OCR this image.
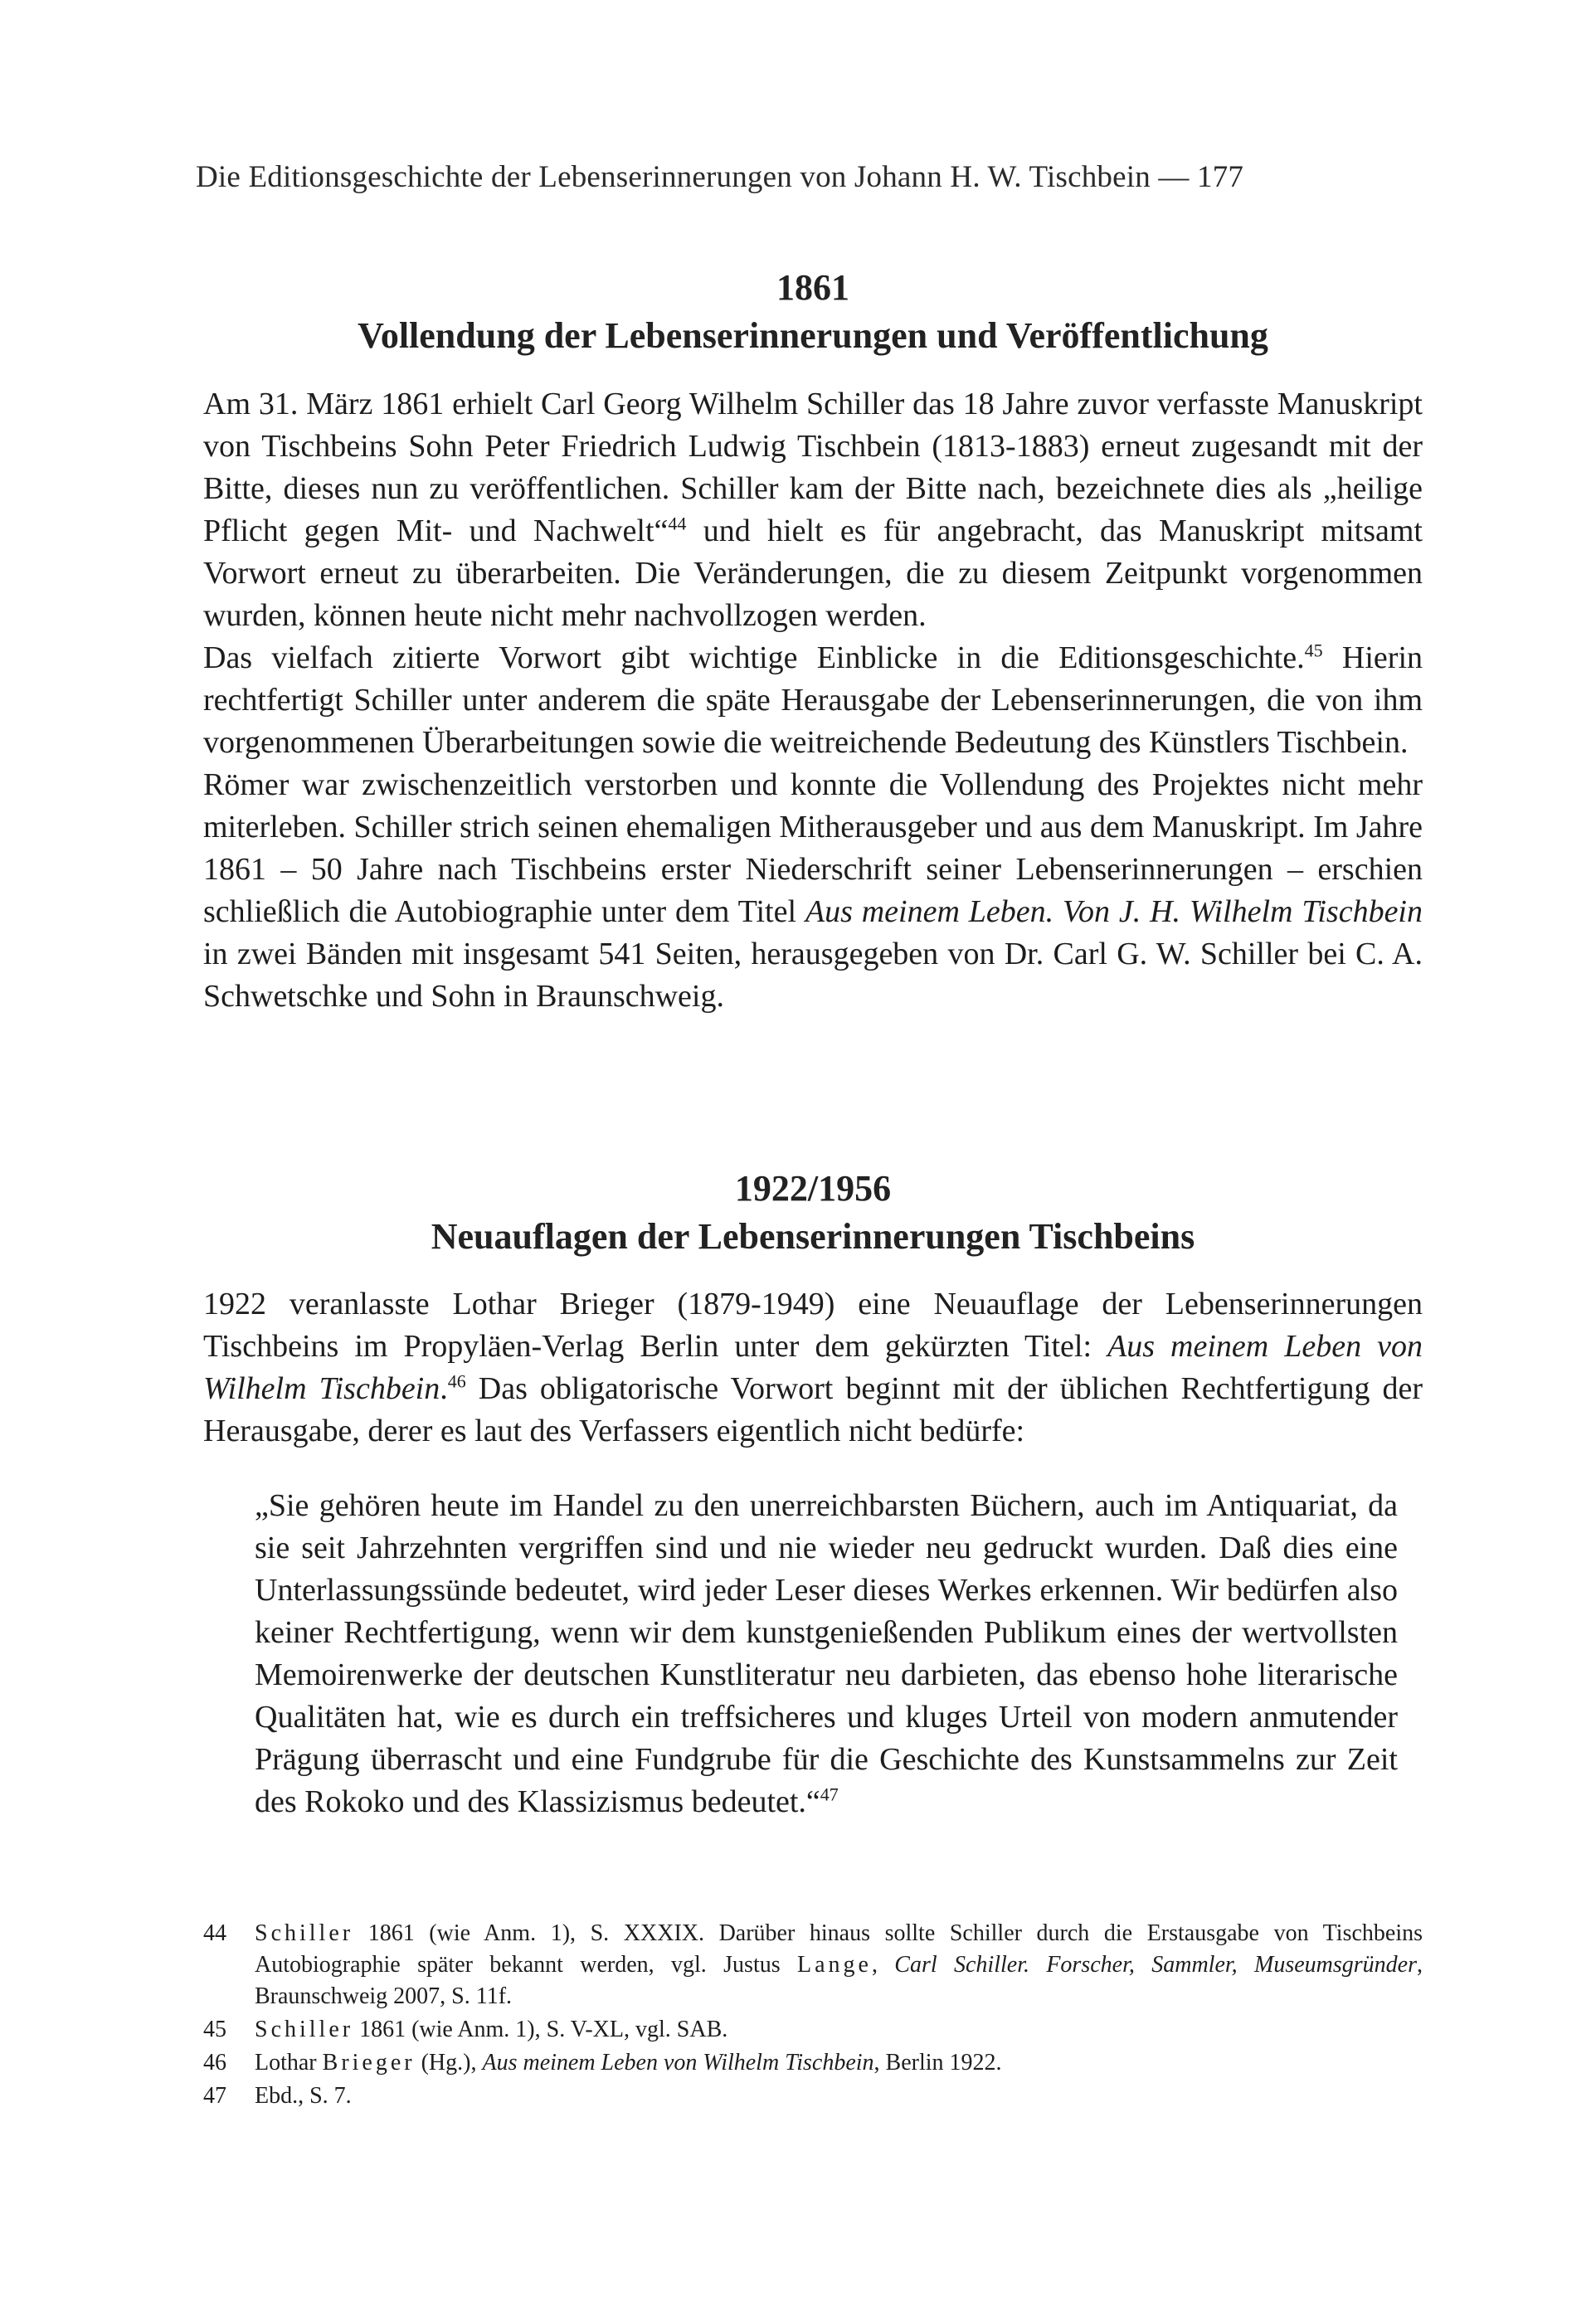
Die Editionsgeschichte der Lebenserinnerungen von Johann H. W. Tischbein — 177
1861
Vollendung der Lebenserinnerungen und Veröffentlichung

Am 31. März 1861 erhielt Carl Georg Wilhelm Schiller das 18 Jahre zuvor verfasste Manuskript von Tischbeins Sohn Peter Friedrich Ludwig Tischbein (1813-1883) erneut zugesandt mit der Bitte, dieses nun zu veröffentlichen. Schiller kam der Bitte nach, bezeichnete dies als „heilige Pflicht gegen Mit- und Nachwelt“$^{44}$ und hielt es für angebracht, das Manuskript mitsamt Vorwort erneut zu überarbeiten. Die Veränderungen, die zu diesem Zeitpunkt vorgenommen wurden, können heute nicht mehr nachvollzogen werden.

Das vielfach zitierte Vorwort gibt wichtige Einblicke in die Editionsgeschichte.$^{45}$ Hierin rechtfertigt Schiller unter anderem die späte Herausgabe der Lebenserinnerungen, die von ihm vorgenommenen Überarbeitungen sowie die weitreichende Bedeutung des Künstlers Tischbein.

Römer war zwischenzeitlich verstorben und konnte die Vollendung des Projektes nicht mehr miterleben. Schiller strich seinen ehemaligen Mitherausgeber und aus dem Manuskript. Im Jahre 1861 – 50 Jahre nach Tischbeins erster Niederschrift seiner Lebenserinnerungen – erschien schließlich die Autobiographie unter dem Titel Aus meinem Leben. Von J. H. Wilhelm Tischbein in zwei Bänden mit insgesamt 541 Seiten, herausgegeben von Dr. Carl G. W. Schiller bei C. A. Schwetschke und Sohn in Braunschweig.

1922/1956
Neuauflagen der Lebenserinnerungen Tischbeins

1922 veranlasste Lothar Brieger (1879-1949) eine Neuauflage der Lebenserinnerungen Tischbeins im Propyläen-Verlag Berlin unter dem gekürzten Titel: Aus meinem Leben von Wilhelm Tischbein.$^{46}$ Das obligatorische Vorwort beginnt mit der üblichen Rechtfertigung der Herausgabe, derer es laut des Verfassers eigentlich nicht bedürfe:

„Sie gehören heute im Handel zu den unerreichbarsten Büchern, auch im Antiquariat, da sie seit Jahrzehnten vergriffen sind und nie wieder neu gedruckt wurden. Daß dies eine Unterlassungssünde bedeutet, wird jeder Leser dieses Werkes erkennen. Wir bedürfen also keiner Rechtfertigung, wenn wir dem kunstgenießenden Publikum eines der wertvollsten Memoirenwerke der deutschen Kunstliteratur neu darbieten, das ebenso hohe literarische Qualitäten hat, wie es durch ein treffsicheres und kluges Urteil von modern anmutender Prägung überrascht und eine Fundgrube für die Geschichte des Kunstsammelns zur Zeit des Rokoko und des Klassizismus bedeutet.“$^{47}$

44	Schiller 1861 (wie Anm. 1), S. XXXIX. Darüber hinaus sollte Schiller durch die Erstausgabe von Tischbeins Autobiographie später bekannt werden, vgl. Justus Lange, Carl Schiller. Forscher, Sammler, Museumsgründer, Braunschweig 2007, S. 11f.
45	Schiller 1861 (wie Anm. 1), S. V-XL, vgl. SAB.
46	Lothar Brieger (Hg.), Aus meinem Leben von Wilhelm Tischbein, Berlin 1922.
47	Ebd., S. 7.
